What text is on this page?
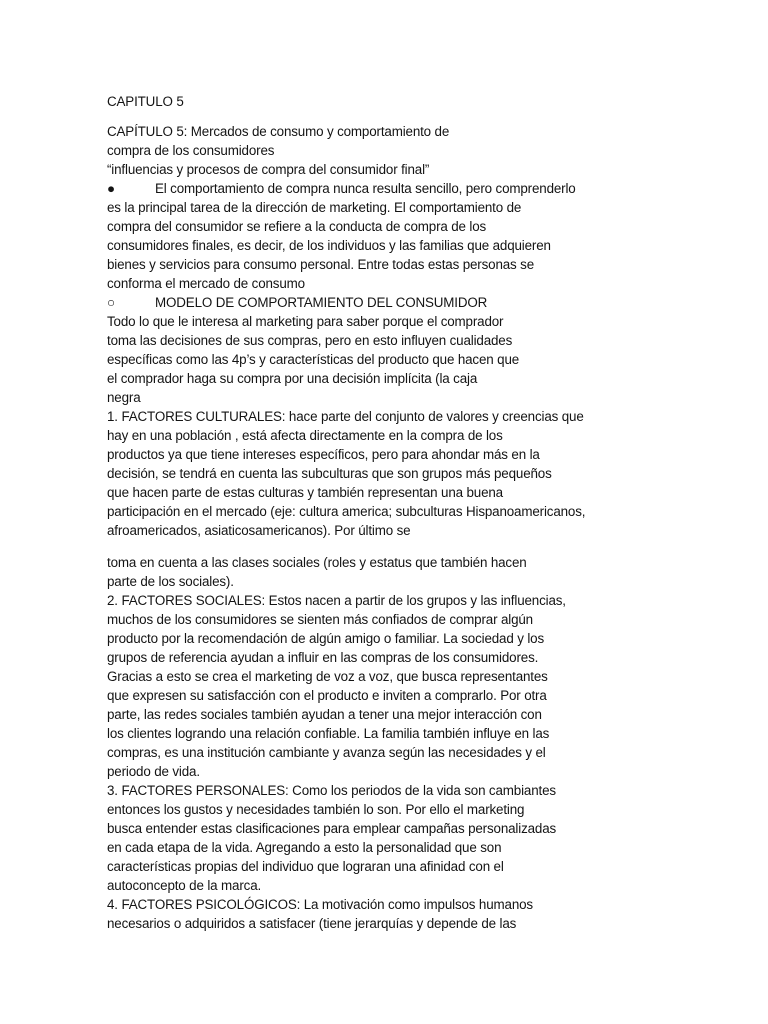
CAPITULO 5
CAPÍTULO 5: Mercados de consumo y comportamiento de
compra de los consumidores
“influencias y procesos de compra del consumidor final”
●	El comportamiento de compra nunca resulta sencillo, pero comprenderlo
es la principal tarea de la dirección de marketing. El comportamiento de
compra del consumidor se refiere a la conducta de compra de los
consumidores finales, es decir, de los individuos y las familias que adquieren
bienes y servicios para consumo personal. Entre todas estas personas se
conforma el mercado de consumo
○	MODELO DE COMPORTAMIENTO DEL CONSUMIDOR
Todo lo que le interesa al marketing para saber porque el comprador
toma las decisiones de sus compras, pero en esto influyen cualidades
específicas como las 4p’s y características del producto que hacen que
el comprador haga su compra por una decisión implícita (la caja
negra
1. FACTORES CULTURALES: hace parte del conjunto de valores y creencias que
hay en una población , está afecta directamente en la compra de los
productos ya que tiene intereses específicos, pero para ahondar más en la
decisión, se tendrá en cuenta las subculturas que son grupos más pequeños
que hacen parte de estas culturas y también representan una buena
participación en el mercado (eje: cultura america; subculturas Hispanoamericanos,
afroamericados, asiaticosamericanos). Por último se
toma en cuenta a las clases sociales (roles y estatus que también hacen
parte de los sociales).
2. FACTORES SOCIALES: Estos nacen a partir de los grupos y las influencias,
muchos de los consumidores se sienten más confiados de comprar algún
producto por la recomendación de algún amigo o familiar. La sociedad y los
grupos de referencia ayudan a influir en las compras de los consumidores.
Gracias a esto se crea el marketing de voz a voz, que busca representantes
que expresen su satisfacción con el producto e inviten a comprarlo. Por otra
parte, las redes sociales también ayudan a tener una mejor interacción con
los clientes logrando una relación confiable. La familia también influye en las
compras, es una institución cambiante y avanza según las necesidades y el
periodo de vida.
3. FACTORES PERSONALES: Como los periodos de la vida son cambiantes
entonces los gustos y necesidades también lo son. Por ello el marketing
busca entender estas clasificaciones para emplear campañas personalizadas
en cada etapa de la vida. Agregando a esto la personalidad que son
características propias del individuo que lograran una afinidad con el
autoconcepto de la marca.
4. FACTORES PSICOLÓGICOS: La motivación como impulsos humanos
necesarios o adquiridos a satisfacer (tiene jerarquías y depende de las
